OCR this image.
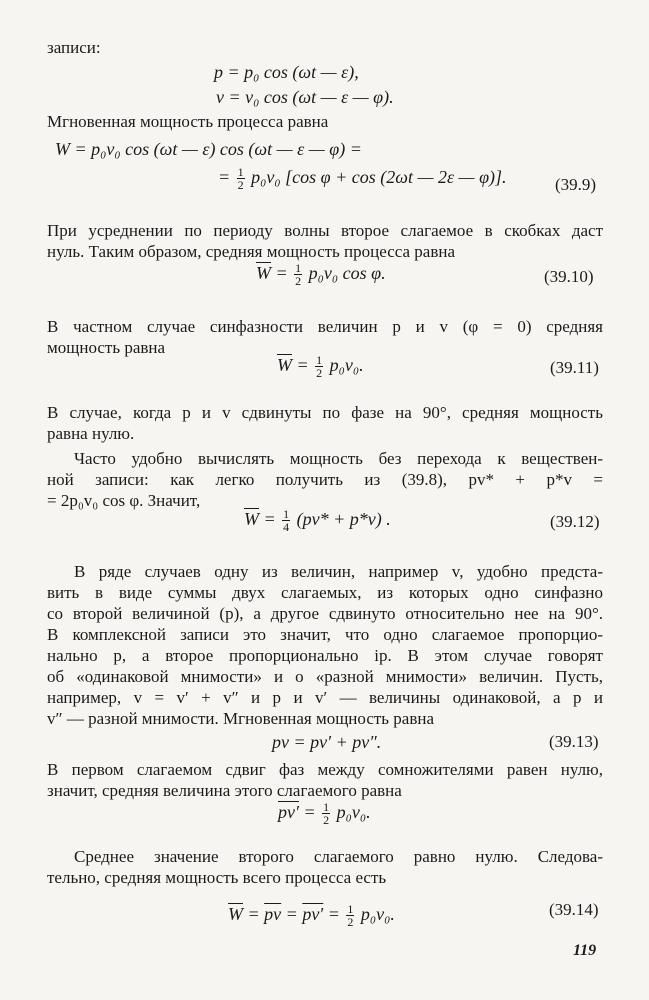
записи:
p = p₀ cos (ωt — ε),
v = v₀ cos (ωt — ε — φ).
Мгновенная мощность процесса равна
W = p₀v₀ cos (ωt — ε) cos (ωt — ε — φ) =
= $\frac{1}{2} p_0v_0$ [cos φ + cos (2ωt — 2ε — φ)].	(39.9)
При усреднении по периоду волны второе слагаемое в скобках даст
нуль. Таким образом, средняя мощность процесса равна
$\overline{W} = \frac{1}{2} p_0v_0$ cos φ.	(39.10)
В частном случае синфазности величин p и v (φ = 0) средняя
мощность равна
$\overline{W} = \frac{1}{2} p_0v_0$.	(39.11)
В случае, когда p и v сдвинуты по фазе на 90°, средняя мощность
равна нулю.
Часто удобно вычислять мощность без перехода к веществен-
ной записи: как легко получить из (39.8), pv* + p*v =
= 2p₀v₀ cos φ. Значит,
$\overline{W} = \frac{1}{4} (pv* + p*v)$ .	(39.12)
В ряде случаев одну из величин, например v, удобно предста-
вить в виде суммы двух слагаемых, из которых одно синфазно
со второй величиной (p), а другое сдвинуто относительно нее на 90°.
В комплексной записи это значит, что одно слагаемое пропорцио-
нально p, а второе пропорционально ip. В этом случае говорят
об «одинаковой мнимости» и о «разной мнимости» величин. Пусть,
например, v = v′ + v″ и p и v′ — величины одинаковой, а p и
v″ — разной мнимости. Мгновенная мощность равна
pv = pv′ + pv″.	(39.13)
В первом слагаемом сдвиг фаз между сомножителями равен нулю,
значит, средняя величина этого слагаемого равна
$pv' = \frac{1}{2} p_0v_0$.
Среднее значение второго слагаемого равно нулю. Следова-
тельно, средняя мощность всего процесса есть
$\overline{W} = \overline{pv} = pv' = \frac{1}{2} p_0v_0$.	(39.14)
119
